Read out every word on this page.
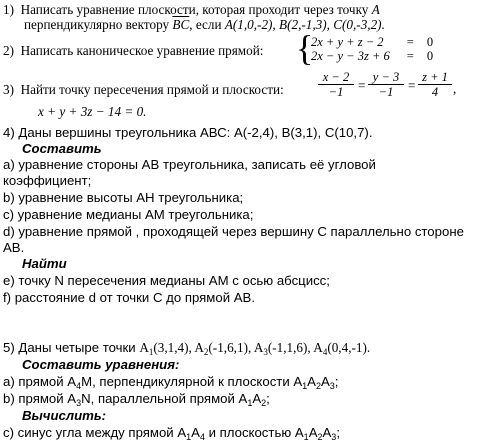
1) Написать уравнение плоскости, которая проходит через точку A
перпендикулярно вектору $\overline{BC}$, если A(1,0,-2), B(2,-1,3), C(0,-3,2).
2) Написать каноническое уравнение прямой: {
2x + y + z − 2	=	0
2x − y − 3z + 6	=	0
3) Найти точку пересечения прямой и плоскости:	$\frac{x - 2}{-1} = \frac{y - 3}{-1} = \frac{z + 1}{4}$ ,
x + y + 3z − 14 = 0.
4) Даны вершины треугольника АВС: А(-2,4), В(3,1), С(10,7).
Составить
a) уравнение стороны АВ треугольника, записать её угловой
коэффициент;
b) уравнение высоты АН треугольника;
c) уравнение медианы АМ треугольника;
d) уравнение прямой , проходящей через вершину С параллельно стороне
АВ.
Найти
e) точку N пересечения медианы АМ с осью абсцисс;
f) расстояние d от точки С до прямой АВ.
5) Даны четыре точки $A_1(3,1,4)$, $A_2(-1,6,1)$, $A_3(-1,1,6)$, $A_4(0,4,-1)$.
Составить уравнения:
a) прямой $А_4М$, перпендикулярной к плоскости $А_1А_2А_3$;
b) прямой $А_3N$, параллельной прямой $А_1А_2$;
Вычислить:
c) синус угла между прямой $А_1А_4$ и плоскостью $А_1А_2А_3$;
